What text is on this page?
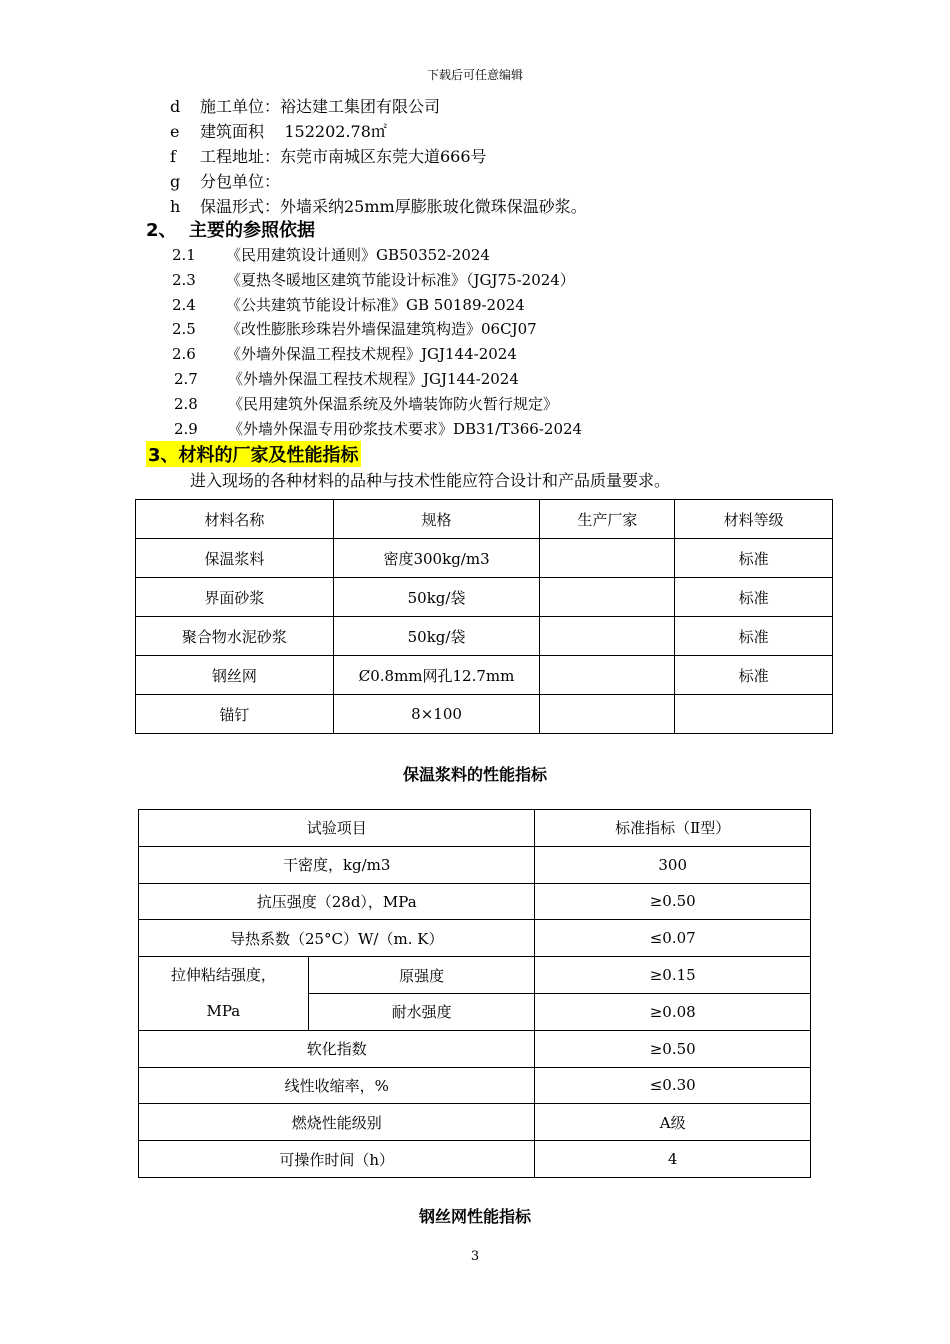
下载后可任意编辑
d 施工单位：裕达建工集团有限公司
e 建筑面积    152202.78㎡
f 工程地址：东莞市南城区东莞大道666号
g 分包单位：
h 保温形式：外墙采纳25mm厚膨胀玻化微珠保温砂浆。
2、  主要的参照依据
2.1 《民用建筑设计通则》GB50352-2024
2.3 《夏热冬暖地区建筑节能设计标准》（JGJ75-2024）
2.4 《公共建筑节能设计标准》GB 50189-2024
2.5 《改性膨胀珍珠岩外墙保温建筑构造》06CJ07
2.6 《外墙外保温工程技术规程》JGJ144-2024
2.7 《外墙外保温工程技术规程》JGJ144-2024
2.8 《民用建筑外保温系统及外墙装饰防火暂行规定》
2.9 《外墙外保温专用砂浆技术要求》DB31/T366-2024
3、材料的厂家及性能指标
进入现场的各种材料的品种与技术性能应符合设计和产品质量要求。
材料名称	规格	生产厂家	材料等级
保温浆料	密度300kg/m3		标准
界面砂浆	50kg/袋		标准
聚合物水泥砂浆	50kg/袋		标准
钢丝网	Ȼ0.8mm网孔12.7mm		标准
锚钉	8×100		
保温浆料的性能指标
试验项目		标准指标（Ⅱ型）
干密度，kg/m3		300
抗压强度（28d），MPa		≥0.50
导热系数（25°C）W/（m. K）		≤0.07

拉伸粘结强度，
MPa	原强度	≥0.15
	耐水强度	≥0.08
软化指数		≥0.50
线性收缩率，%		≤0.30
燃烧性能级别		A级
可操作时间（h）		4
钢丝网性能指标
3
